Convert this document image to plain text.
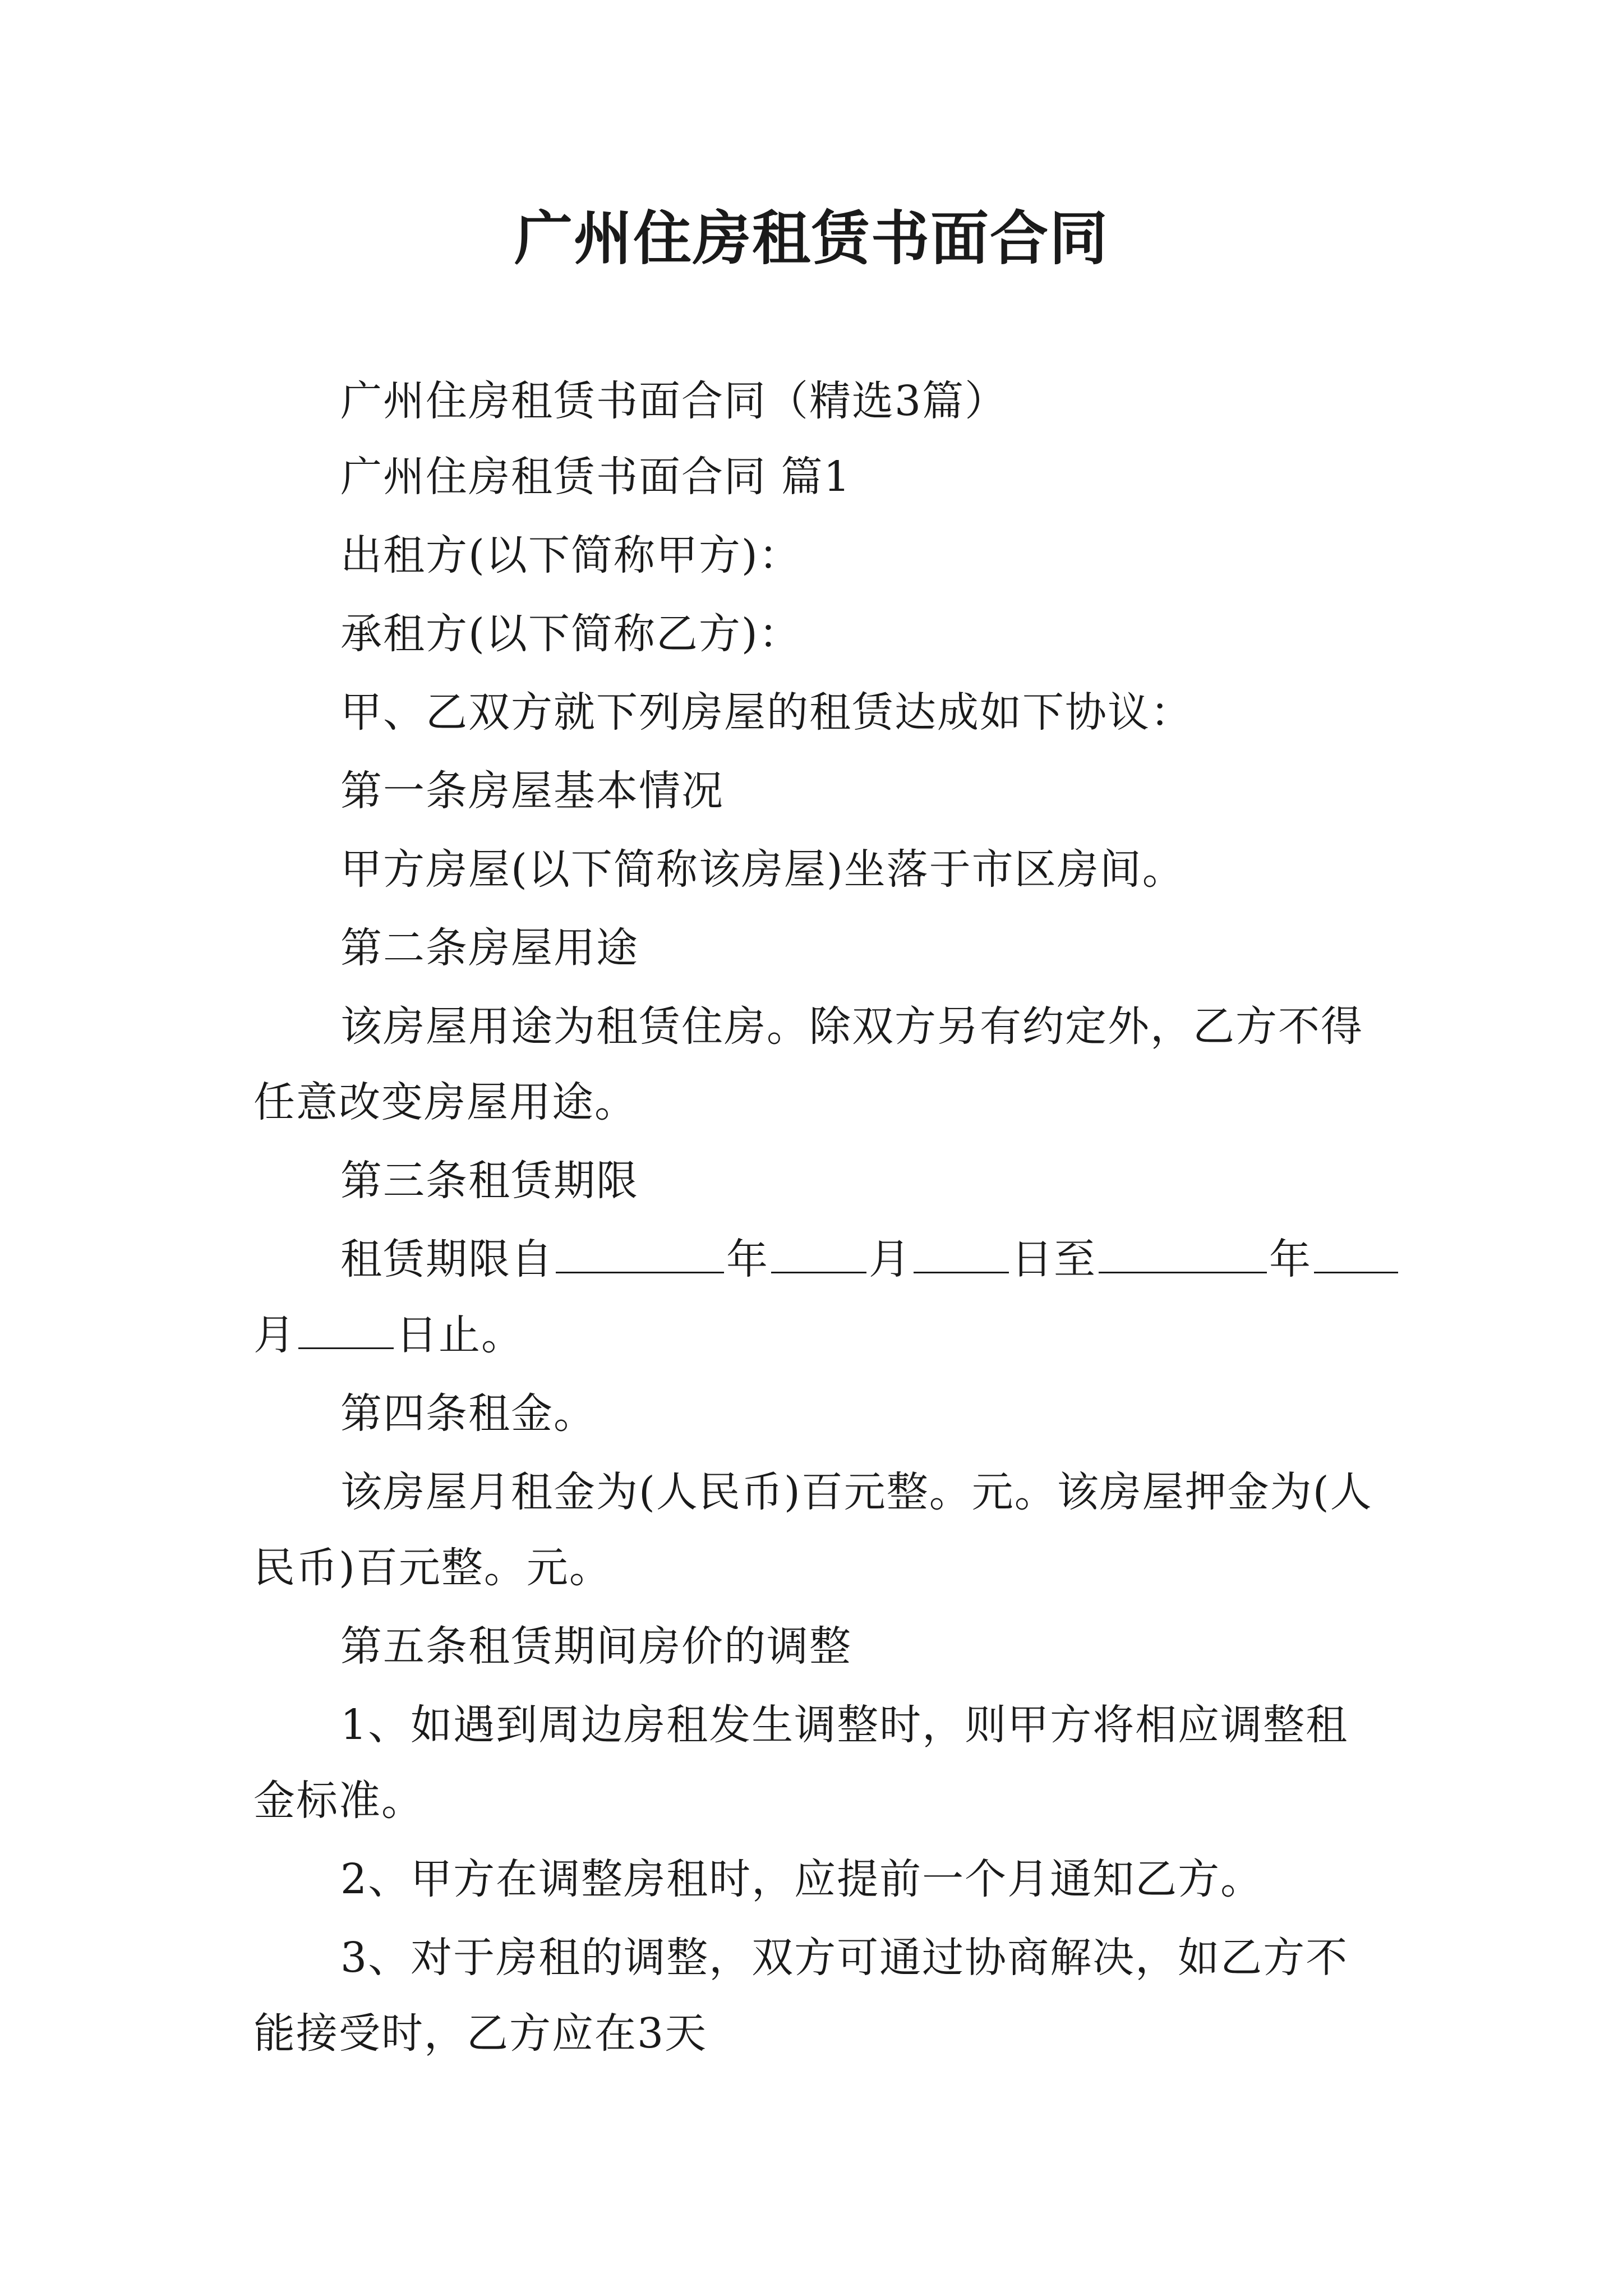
广州住房租赁书面合同
广州住房租赁书面合同（精选3篇）
广州住房租赁书面合同 篇1
出租方(以下简称甲方)：
承租方(以下简称乙方)：
甲、乙双方就下列房屋的租赁达成如下协议：
第一条房屋基本情况
甲方房屋(以下简称该房屋)坐落于市区房间。
第二条房屋用途
该房屋用途为租赁住房。除双方另有约定外，乙方不得
任意改变房屋用途。
第三条租赁期限
租赁期限自	年 月 日至	年
月 日止。
第四条租金。
该房屋月租金为(人民币)百元整。元。该房屋押金为(人
民币)百元整。元。
第五条租赁期间房价的调整
1、如遇到周边房租发生调整时，则甲方将相应调整租
金标准。
2、甲方在调整房租时，应提前一个月通知乙方。
3、对于房租的调整，双方可通过协商解决，如乙方不
能接受时，乙方应在3天
